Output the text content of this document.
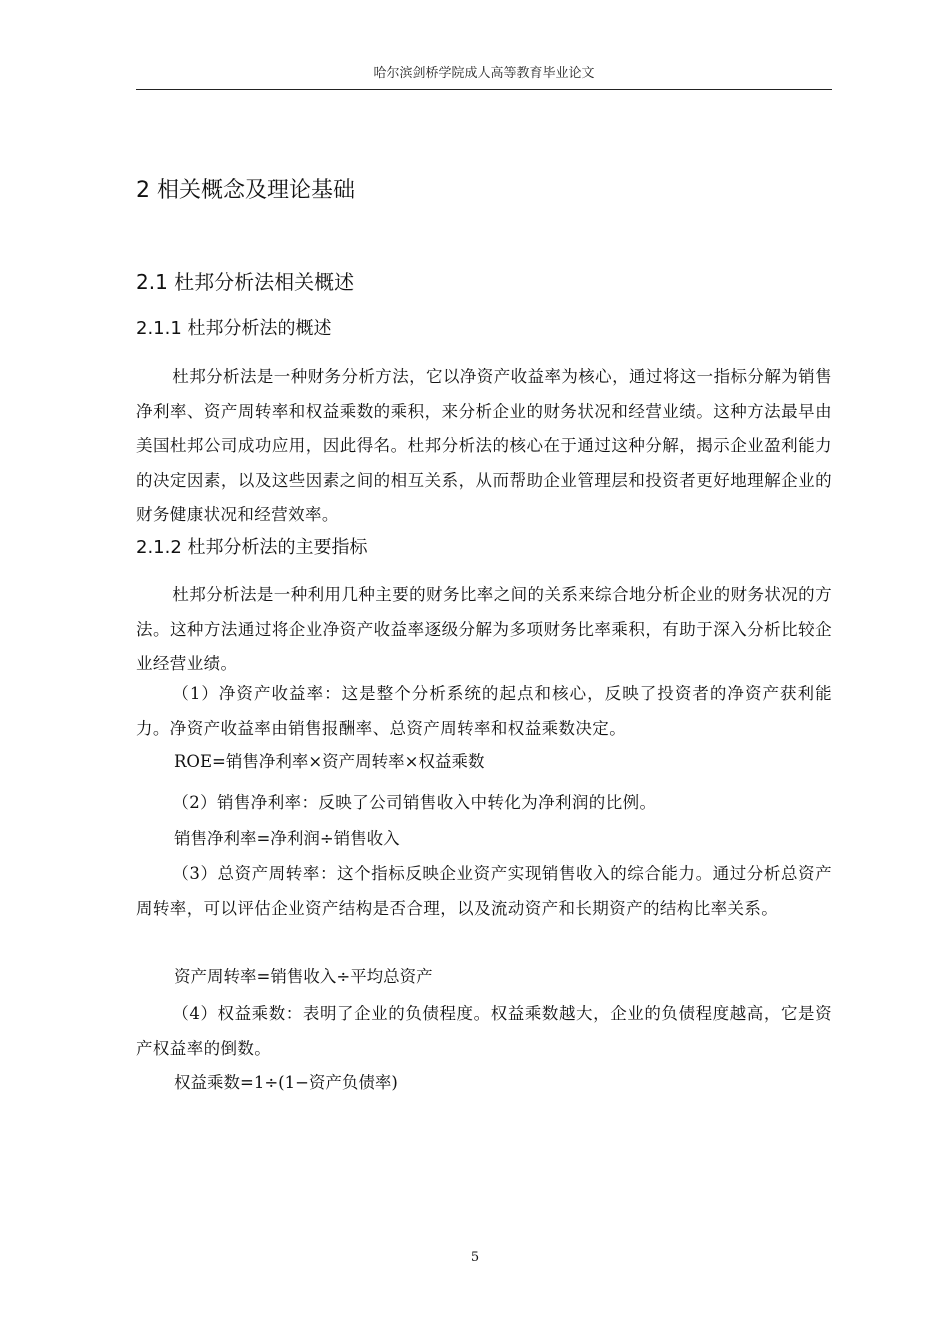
哈尔滨剑桥学院成人高等教育毕业论文
2 相关概念及理论基础
2.1 杜邦分析法相关概述
2.1.1 杜邦分析法的概述

杜邦分析法是一种财务分析方法，它以净资产收益率为核心，通过将这一指标分解为销售净利率、资产周转率和权益乘数的乘积，来分析企业的财务状况和经营业绩。这种方法最早由美国杜邦公司成功应用，因此得名。杜邦分析法的核心在于通过这种分解，揭示企业盈利能力的决定因素，以及这些因素之间的相互关系，从而帮助企业管理层和投资者更好地理解企业的财务健康状况和经营效率。

2.1.2 杜邦分析法的主要指标

杜邦分析法是一种利用几种主要的财务比率之间的关系来综合地分析企业的财务状况的方法。这种方法通过将企业净资产收益率逐级分解为多项财务比率乘积，有助于深入分析比较企业经营业绩。

（1）净资产收益率：这是整个分析系统的起点和核心，反映了投资者的净资产获利能力。净资产收益率由销售报酬率、总资产周转率和权益乘数决定。

ROE=销售净利率×资产周转率×权益乘数

（2）销售净利率：反映了公司销售收入中转化为净利润的比例。

销售净利率=净利润÷销售收入

（3）总资产周转率：这个指标反映企业资产实现销售收入的综合能力。通过分析总资产周转率，可以评估企业资产结构是否合理，以及流动资产和长期资产的结构比率关系。

资产周转率=销售收入÷平均总资产

（4）权益乘数：表明了企业的负债程度。权益乘数越大，企业的负债程度越高，它是资产权益率的倒数。

权益乘数=1÷(1−资产负债率)
5
